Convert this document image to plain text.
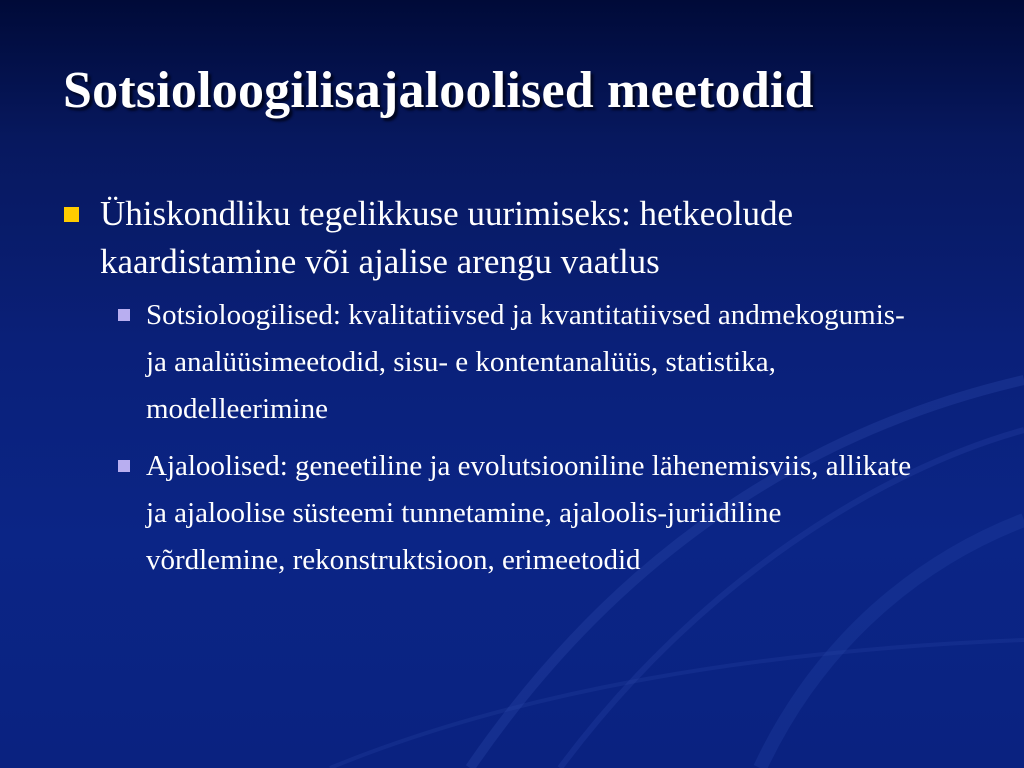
Sotsioloogilisajaloolised meetodid
Ühiskondliku tegelikkuse uurimiseks: hetkeolude kaardistamine või ajalise arengu vaatlus
Sotsioloogilised: kvalitatiivsed ja kvantitatiivsed andmekogumis- ja analüüsimeetodid, sisu- e kontentanalüüs, statistika, modelleerimine
Ajaloolised: geneetiline ja evolutsiooniline lähenemisviis, allikate ja ajaloolise süsteemi tunnetamine, ajaloolis-juriidiline võrdlemine, rekonstruktsioon, erimeetodid
